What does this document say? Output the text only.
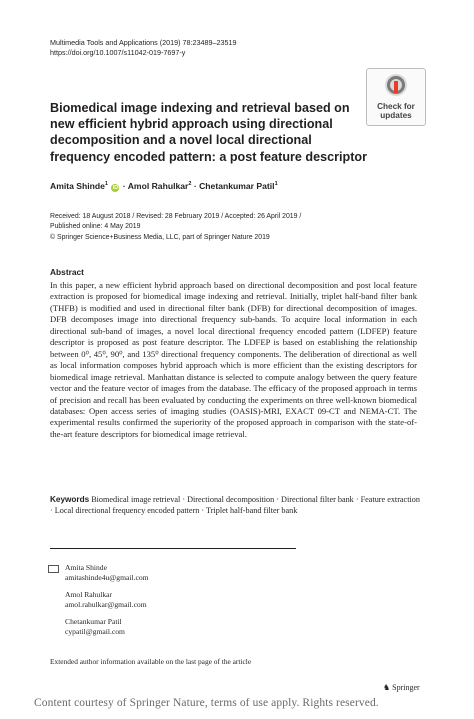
Multimedia Tools and Applications (2019) 78:23489–23519
https://doi.org/10.1007/s11042-019-7697-y
Check for
updates
Biomedical image indexing and retrieval based on new efficient hybrid approach using directional decomposition and a novel local directional frequency encoded pattern: a post feature descriptor
Amita Shinde$^1$ iD · Amol Rahulkar$^2$ · Chetankumar Patil$^1$
Received: 18 August 2018 / Revised: 28 February 2019 / Accepted: 26 April 2019 /
Published online: 4 May 2019
© Springer Science+Business Media, LLC, part of Springer Nature 2019
Abstract
In this paper, a new efficient hybrid approach based on directional decomposition and post local feature extraction is proposed for biomedical image indexing and retrieval. Initially, triplet half-band filter bank (THFB) is modified and used in directional filter bank (DFB) for directional decomposition of images. DFB decomposes image into directional frequency sub-bands. To acquire local information in each directional sub-band of images, a novel local directional frequency encoded pattern (LDFEP) feature descriptor is proposed as post feature descriptor. The LDFEP is based on establishing the relationship between 0⁰, 45⁰, 90⁰, and 135⁰ directional frequency components. The deliberation of directional as well as local information composes hybrid approach which is more efficient than the existing descriptors for biomedical image retrieval. Manhattan distance is selected to compute analogy between the query feature vector and the feature vector of images from the database. The efficacy of the proposed approach in terms of precision and recall has been evaluated by conducting the experiments on three well-known biomedical databases: Open access series of imaging studies (OASIS)-MRI, EXACT 09-CT and NEMA-CT. The experimental results confirmed the superiority of the proposed approach in comparison with the state-of-the-art feature descriptors for biomedical image retrieval.
Keywords Biomedical image retrieval · Directional decomposition · Directional filter bank · Feature extraction · Local directional frequency encoded pattern · Triplet half-band filter bank
Amita Shinde
amitashinde4u@gmail.com
Amol Rahulkar
amol.rahulkar@gmail.com
Chetankumar Patil
cypatil@gmail.com
Extended author information available on the last page of the article
♞ Springer
Content courtesy of Springer Nature, terms of use apply. Rights reserved.
